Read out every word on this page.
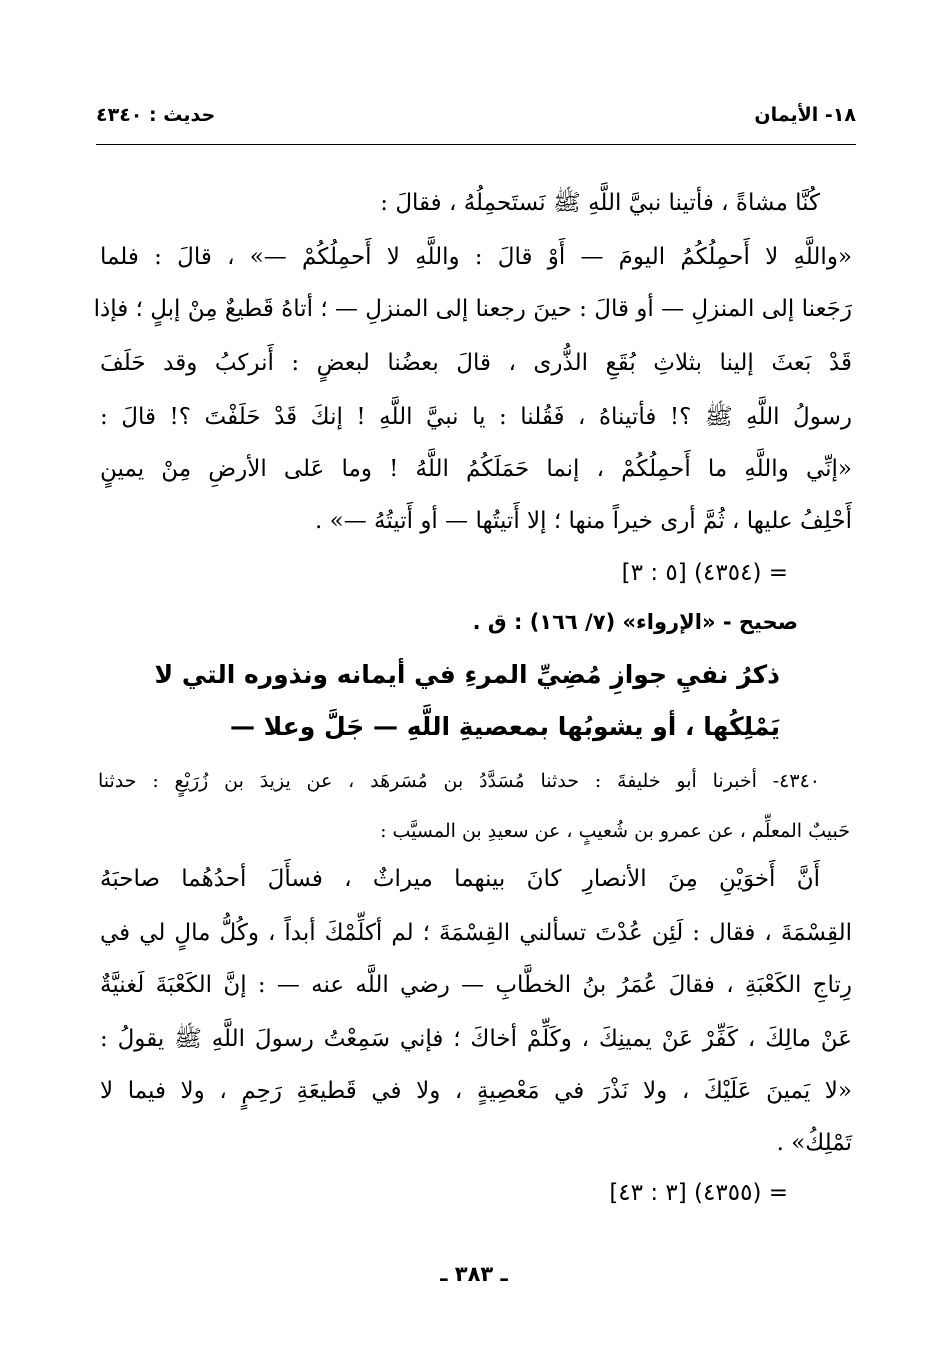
١٨- الأيمان
حديث : ٤٣٤٠
كُنَّا مشاةً ، فأتينا نبيَّ اللَّهِ ﷺ نَستَحمِلُهُ ، فقالَ :
«واللَّهِ لا أَحمِلُكُمُ اليومَ — أَوْ قالَ : واللَّهِ لا أَحمِلُكُمْ —» ، قالَ : فلما
رَجَعنا إلى المنزلِ — أو قالَ : حينَ رجعنا إلى المنزلِ — ؛ أتاهُ قَطيعٌ مِنْ إبلٍ ؛ فإذا
قَدْ بَعثَ إلينا بثلاثِ بُقَعِ الذُّرى ، قالَ بعضُنا لبعضٍ : أَنركبُ وقد حَلَفَ
رسولُ اللَّهِ ﷺ ؟! فأتيناهُ ، فَقُلنا : يا نبيَّ اللَّهِ ! إنكَ قَدْ حَلَفْتَ ؟! قالَ :
«إنِّي واللَّهِ ما أَحمِلُكُمْ ، إنما حَمَلَكُمُ اللَّهُ ! وما عَلى الأرضِ مِنْ يمينٍ
أَحْلِفُ عليها ، ثُمَّ أرى خيراً منها ؛ إلا أَتيتُها — أو أَتيتُهُ —» .
= (٤٣٥٤) [٥ : ٣]
صحيح - «الإرواء» (٧/ ١٦٦) : ق .
ذكرُ نفيِ جوازِ مُضِيِّ المرءِ في أيمانه ونذوره التي لا
يَمْلِكُها ، أو يشوبُها بمعصيةِ اللَّهِ — جَلَّ وعلا —
٤٣٤٠- أخبرنا أبو خليفةَ : حدثنا مُسَدَّدُ بن مُسَرهَد ، عن يزيدَ بن زُرَيْعٍ : حدثنا
حَبيبٌ المعلِّم ، عن عمرو بن شُعيبٍ ، عن سعيدِ بن المسيَّب :
أَنَّ أَخوَيْنِ مِنَ الأنصارِ كانَ بينهما ميراثٌ ، فسأَلَ أحدُهُما صاحبَهُ
القِسْمَةَ ، فقال : لَئِن عُدْتَ تسألني القِسْمَةَ ؛ لم أكلِّمْكَ أبداً ، وكُلُّ مالٍ لي في
رِتاجِ الكَعْبَةِ ، فقالَ عُمَرُ بنُ الخطَّابِ — رضي اللَّه عنه — : إنَّ الكَعْبَةَ لَغنيَّةٌ
عَنْ مالِكَ ، كَفِّرْ عَنْ يمينِكَ ، وكَلِّمْ أخاكَ ؛ فإني سَمِعْتُ رسولَ اللَّهِ ﷺ يقولُ :
«لا يَمينَ عَلَيْكَ ، ولا نَذْرَ في مَعْصِيةٍ ، ولا في قَطيعَةِ رَحِمٍ ، ولا فيما لا
تَمْلِكُ» .
= (٤٣٥٥) [٣ : ٤٣]
ـ ٣٨٣ ـ
